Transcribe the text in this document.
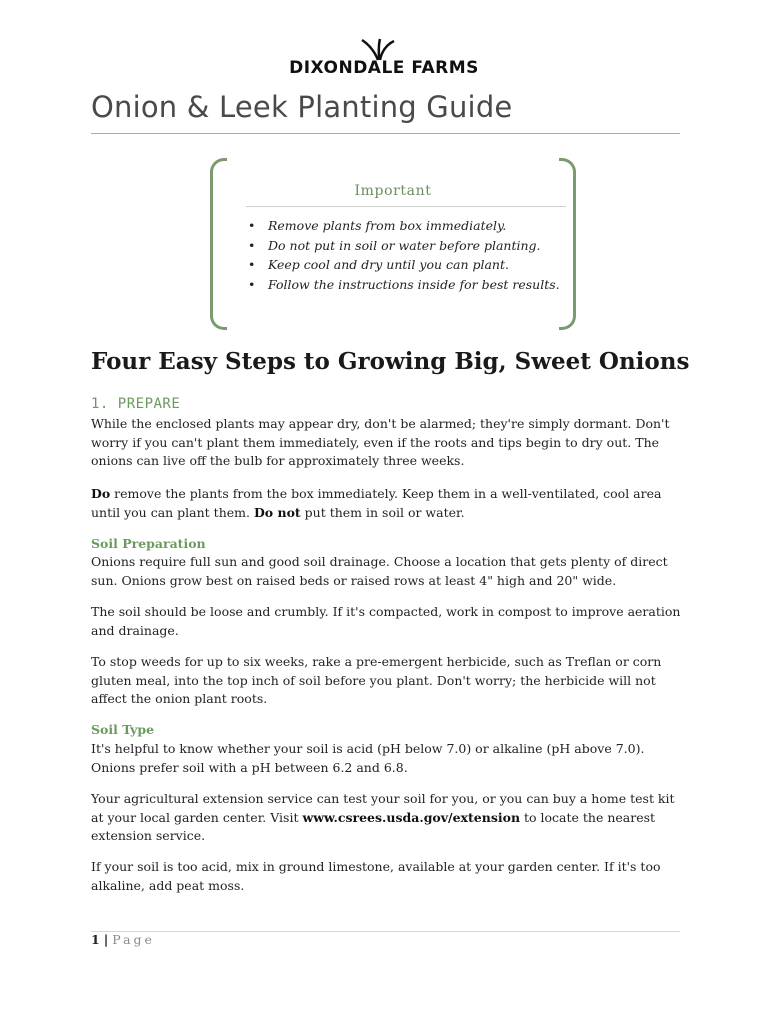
DIXONDALE FARMS
Onion & Leek Planting Guide
Important
• Remove plants from box immediately.
• Do not put in soil or water before planting.
• Keep cool and dry until you can plant.
• Follow the instructions inside for best results.
Four Easy Steps to Growing Big, Sweet Onions
1. PREPARE
While the enclosed plants may appear dry, don't be alarmed; they're simply dormant. Don't worry if you can't plant them immediately, even if the roots and tips begin to dry out. The onions can live off the bulb for approximately three weeks.
Do remove the plants from the box immediately. Keep them in a well-ventilated, cool area until you can plant them. Do not put them in soil or water.
Soil Preparation
Onions require full sun and good soil drainage. Choose a location that gets plenty of direct sun. Onions grow best on raised beds or raised rows at least 4" high and 20" wide.
The soil should be loose and crumbly. If it's compacted, work in compost to improve aeration and drainage.
To stop weeds for up to six weeks, rake a pre-emergent herbicide, such as Treflan or corn gluten meal, into the top inch of soil before you plant. Don't worry; the herbicide will not affect the onion plant roots.
Soil Type
It's helpful to know whether your soil is acid (pH below 7.0) or alkaline (pH above 7.0). Onions prefer soil with a pH between 6.2 and 6.8.
Your agricultural extension service can test your soil for you, or you can buy a home test kit at your local garden center. Visit www.csrees.usda.gov/extension to locate the nearest extension service.
If your soil is too acid, mix in ground limestone, available at your garden center. If it's too alkaline, add peat moss.
1 | Page
